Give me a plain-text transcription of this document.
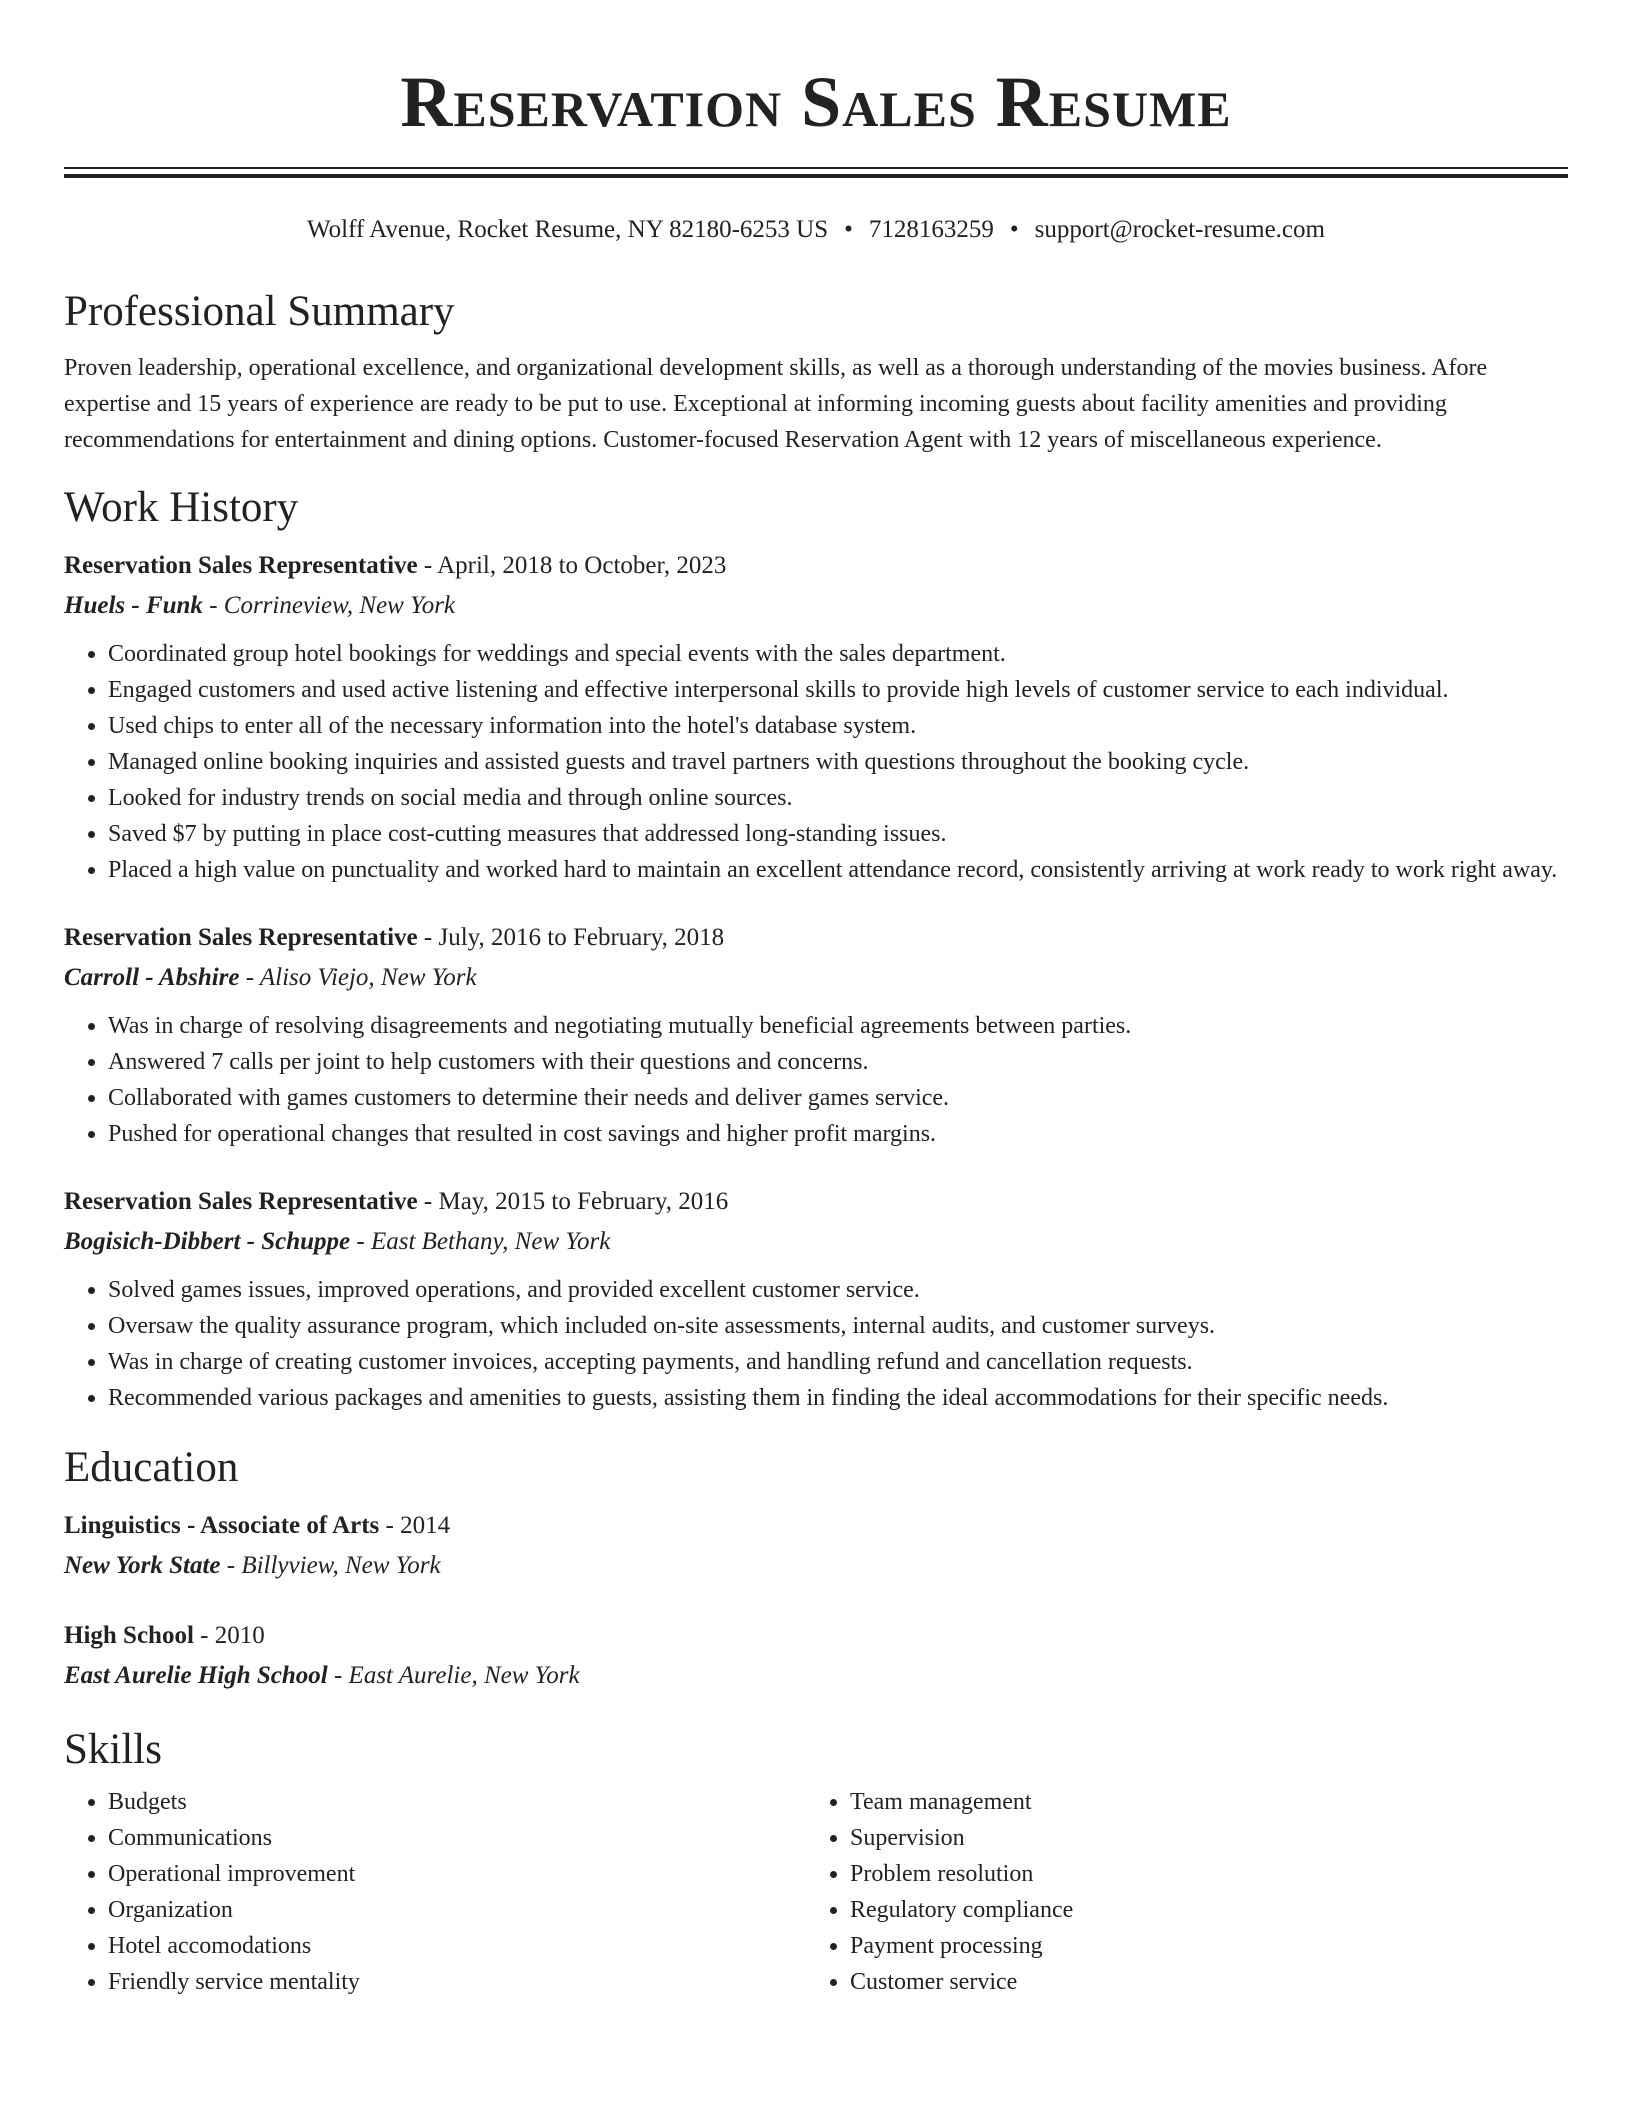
Reservation Sales Resume
Wolff Avenue, Rocket Resume, NY 82180-6253 US • 7128163259 • support@rocket-resume.com
Professional Summary

Proven leadership, operational excellence, and organizational development skills, as well as a thorough understanding of the movies business. Afore expertise and 15 years of experience are ready to be put to use. Exceptional at informing incoming guests about facility amenities and providing recommendations for entertainment and dining options. Customer-focused Reservation Agent with 12 years of miscellaneous experience.

Work History
Reservation Sales Representative - April, 2018 to October, 2023
Huels - Funk - Corrineview, New York
• Coordinated group hotel bookings for weddings and special events with the sales department.
• Engaged customers and used active listening and effective interpersonal skills to provide high levels of customer service to each individual.
• Used chips to enter all of the necessary information into the hotel's database system.
• Managed online booking inquiries and assisted guests and travel partners with questions throughout the booking cycle.
• Looked for industry trends on social media and through online sources.
• Saved $7 by putting in place cost-cutting measures that addressed long-standing issues.
• Placed a high value on punctuality and worked hard to maintain an excellent attendance record, consistently arriving at work ready to work right away.
Reservation Sales Representative - July, 2016 to February, 2018
Carroll - Abshire - Aliso Viejo, New York
• Was in charge of resolving disagreements and negotiating mutually beneficial agreements between parties.
• Answered 7 calls per joint to help customers with their questions and concerns.
• Collaborated with games customers to determine their needs and deliver games service.
• Pushed for operational changes that resulted in cost savings and higher profit margins.
Reservation Sales Representative - May, 2015 to February, 2016
Bogisich-Dibbert - Schuppe - East Bethany, New York
• Solved games issues, improved operations, and provided excellent customer service.
• Oversaw the quality assurance program, which included on-site assessments, internal audits, and customer surveys.
• Was in charge of creating customer invoices, accepting payments, and handling refund and cancellation requests.
• Recommended various packages and amenities to guests, assisting them in finding the ideal accommodations for their specific needs.
Education
Linguistics - Associate of Arts - 2014
New York State - Billyview, New York
High School - 2010
East Aurelie High School - East Aurelie, New York
Skills
• Budgets
• Communications
• Operational improvement
• Organization
• Hotel accomodations
• Friendly service mentality
• Team management
• Supervision
• Problem resolution
• Regulatory compliance
• Payment processing
• Customer service
